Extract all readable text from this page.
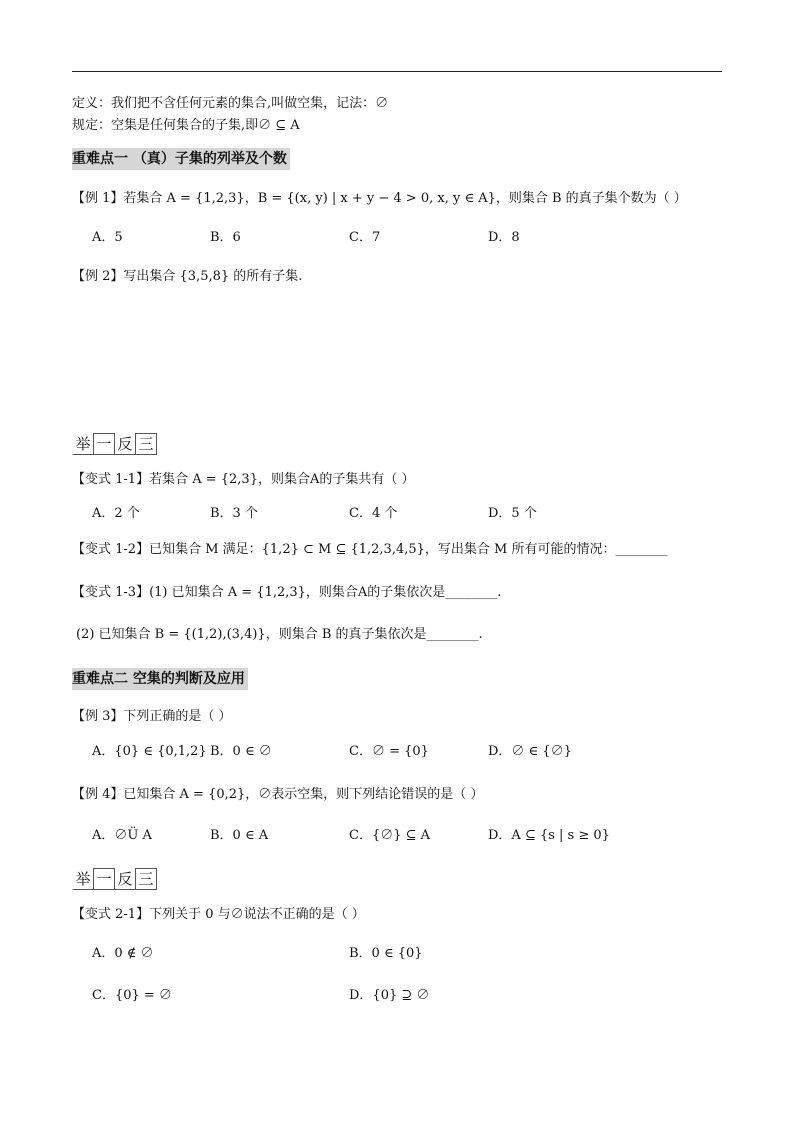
定义：我们把不含任何元素的集合,叫做空集，记法：∅
规定：空集是任何集合的子集,即∅ ⊆ A
重难点一 （真）子集的列举及个数
【例 1】若集合 A = {1,2,3}，B = {(x, y) | x + y − 4 > 0, x, y ∈ A}，则集合 B 的真子集个数为（ ）
A．5	B．6	C．7	D．8
【例 2】写出集合 {3,5,8} 的所有子集.
举 一 反 三
【变式 1-1】若集合 A = {2,3}，则集合A的子集共有（ ）
A．2 个	B．3 个	C．4 个	D．5 个
【变式 1-2】已知集合 M 满足：{1,2} ⊂ M ⊆ {1,2,3,4,5}，写出集合 M 所有可能的情况：________
【变式 1-3】(1) 已知集合 A = {1,2,3}，则集合A的子集依次是________.
(2) 已知集合 B = {(1,2),(3,4)}，则集合 B 的真子集依次是________.
重难点二 空集的判断及应用
【例 3】下列正确的是（ ）
A．{0} ∈ {0,1,2} B．0 ∈ ∅	C．∅ = {0}	D．∅ ∈ {∅}
【例 4】已知集合 A = {0,2}，∅表示空集，则下列结论错误的是（ ）
A．∅Ü A	B．0 ∈ A	C．{∅} ⊆ A	D．A ⊆ {s | s ≥ 0}
举 一 反 三
【变式 2-1】下列关于 0 与∅说法不正确的是（ ）
A．0 ∉ ∅	B．0 ∈ {0}
C．{0} = ∅	D．{0} ⊇ ∅
